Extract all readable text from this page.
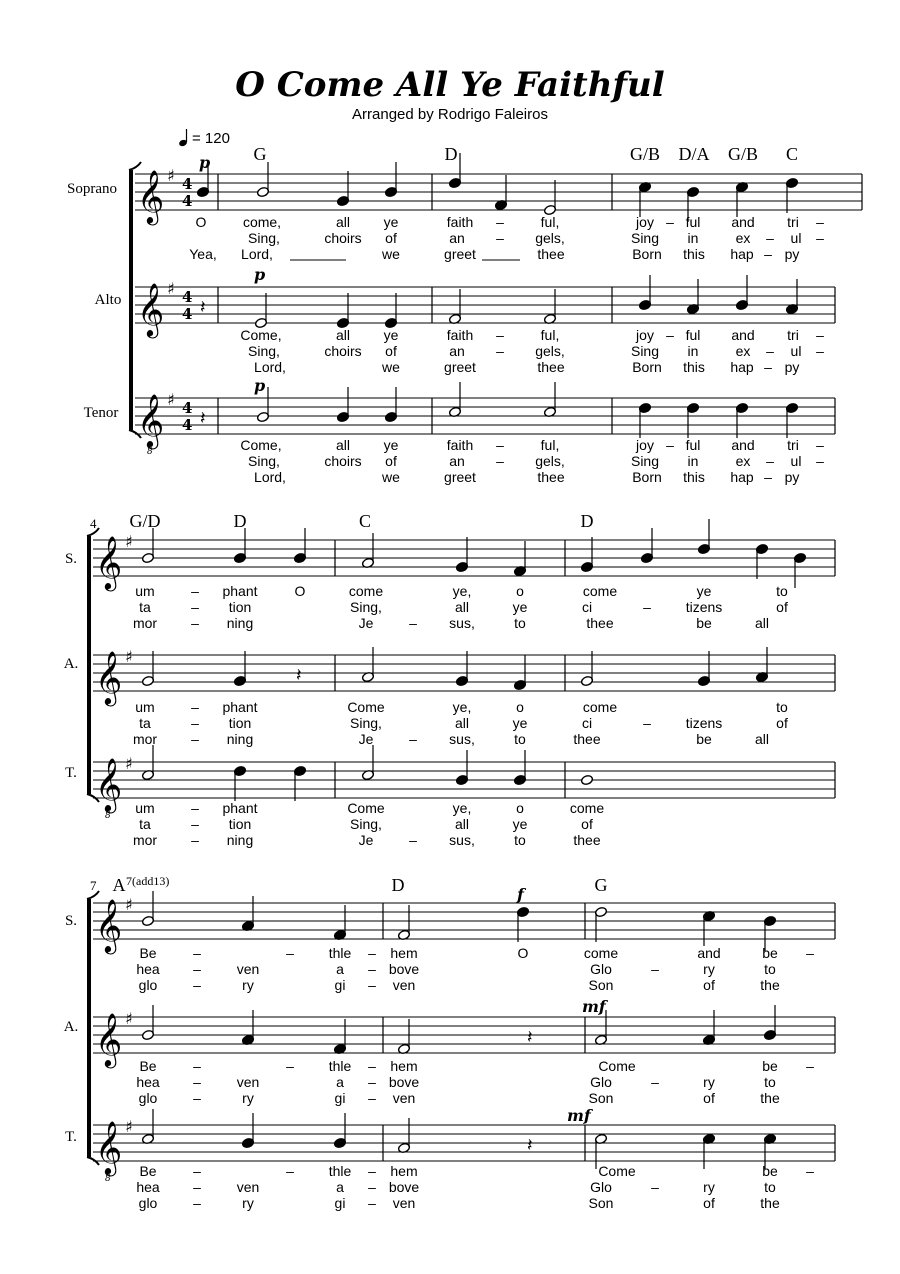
O Come All Ye Faithful
Arranged by Rodrigo Faleiros
= 120
Soprano
Alto
Tenor
𝄞 ♯ 4
4
𝄞 ♯ 4
4 𝄽
𝄞
8
♯ 4
4 𝄽
G	D	G/B D/A G/B C
p
p
p
O	come,	all ye	faith –	ful,	joy – ful and tri –
Sing,	choirs of	an – gels,	Sing in	ex – ul –
Yea, Lord,	we	greet	thee	Born this hap – py
Come,	all ye	faith –	ful,	joy – ful and tri –
Sing,	choirs of	an – gels,	Sing in	ex – ul –
Lord,	we	greet	thee	Born this hap – py
Come,	all ye	faith –	ful,	joy – ful and tri –
Sing,	choirs of	an – gels,	Sing in	ex – ul –
Lord,	we	greet	thee	Born this hap – py
4
S.
A.
T.
𝄞 ♯
𝄞 ♯
𝄽
𝄞
8
♯
G/D	D	C	D
um	– phant	O	come	ye,	o	come	ye	to
ta	– tion	Sing,	all	ye	ci	– tizens	of
mor – ning	Je	– sus,	to	thee	be	all
um	– phant	Come	ye,	o	come	to
ta	– tion	Sing,	all	ye	ci	– tizens	of
mor – ning	Je	– sus,	to	thee	be	all
um	– phant	Come	ye,	o	come
ta	– tion	Sing,	all	ye	of
mor – ning	Je	– sus,	to	thee
7
S.
A.
T.
𝄞 ♯
𝄞 ♯
𝄽
𝄞
8
♯
𝄽
A 7(add13)	D	G
f
mf
mf
Be	–	– thle – hem	O	come	and	be –
hea –	ven	a – bove	Glo	–	ry	to
glo	–	ry	gi – ven	Son	of	the
Be	–	– thle – hem	Come	be –
hea –	ven	a – bove	Glo	–	ry	to
glo	–	ry	gi – ven	Son	of	the
Be	–	– thle – hem	Come	be –
hea –	ven	a – bove	Glo	–	ry	to
glo	–	ry	gi – ven	Son	of	the
